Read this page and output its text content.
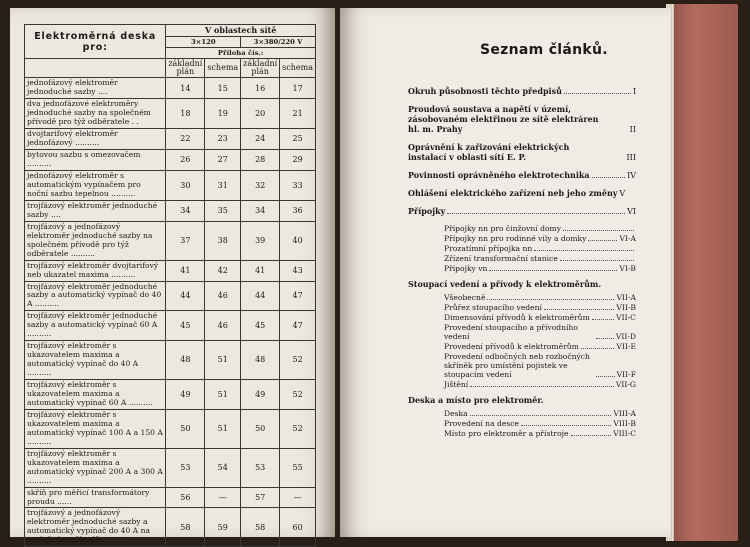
Elektroměrná deska pro:	V oblastech sítě			
	3×120		3×380/220 V	
	Příloha čís.:			
	základní plán	schema	základní plán	schema
jednofázový elektroměr jednoduché sazby ....	14	15	16	17
dva jednofázové elektroměry jednoduché sazby na společném přívodě pro týž odběratele . .	18	19	20	21
dvojtarifový elektroměr jednofázový ..........	22	23	24	25
bytovou sazbu s omezovačem ..........	26	27	28	29
jednofázový elektroměr s automatickým vypínačem pro noční sazbu tepelnou ..........	30	31	32	33
trojfázový elektroměr jednoduché sazby ....	34	35	34	36
trojfázový a jednofázový elektroměr jednoduché sazby na společném přívodě pro týž odběratele ..........	37	38	39	40
trojfázový elektroměr dvojtarifový neb ukazatel maxima ..........	41	42	41	43
trojfázový elektroměr jednoduché sazby a automatický vypínač do 40 A ..........	44	46	44	47
trojfázový elektroměr jednoduché sazby a automatický vypínač 60 A ..........	45	46	45	47
trojfázový elektroměr s ukazovatelem maxima a automatický vypínač do 40 A ..........	48	51	48	52
trojfázový elektroměr s ukazovatelem maxima a automatický vypínač 60 A ..........	49	51	49	52
trojfázový elektroměr s ukazovatelem maxima a automatický vypínač 100 A a 150 A ..........	50	51	50	52
trojfázový elektroměr s ukazovatelem maxima a automatický vypínač 200 A a 300 A ..........	53	54	53	55
skříň pro měřicí transformátory proudu ......	56	—	57	—
trojfázový a jednofázový elektroměr jednoduché sazby a automatický vypínač do 40 A na společném přívodě ..........	58	59	58	60
Seznam článků.
Okruh působnosti těchto předpisů	I
Proudová soustava a napětí v území, zásobovaném elektřinou ze sítě elektráren hl. m. Prahy	II
Oprávnění k zařizování elektrických instalací v oblasti sítí E. P.	III
Povinnosti oprávněného elektrotechnika	IV
Ohlášení elektrického zařízení neb jeho změny V
Přípojky	VI
Přípojky nn pro činžovní domy
Přípojky nn pro rodinné vily a domky	VI-A
Prozatímní přípojka nn
Zřízení transformační stanice
Přípojky vn	VI-B
Stoupací vedení a přívody k elektroměrům.
Všeobecně	VII-A
Průřez stoupacího vedení	VII-B
Dimensování přívodů k elektroměrům	VII-C
Provedení stoupacího a přívodního vedení	VII-D
Provedení přívodů k elektroměrům	VII-E
Provedení odbočných neb rozbočných skříněk pro umístění pojistek ve stoupacím vedení	VII-F
Jištění	VII-G
Deska a místo pro elektroměr.
Deska	VIII-A
Provedení na desce	VIII-B
Místo pro elektroměr a přístroje	VIII-C
